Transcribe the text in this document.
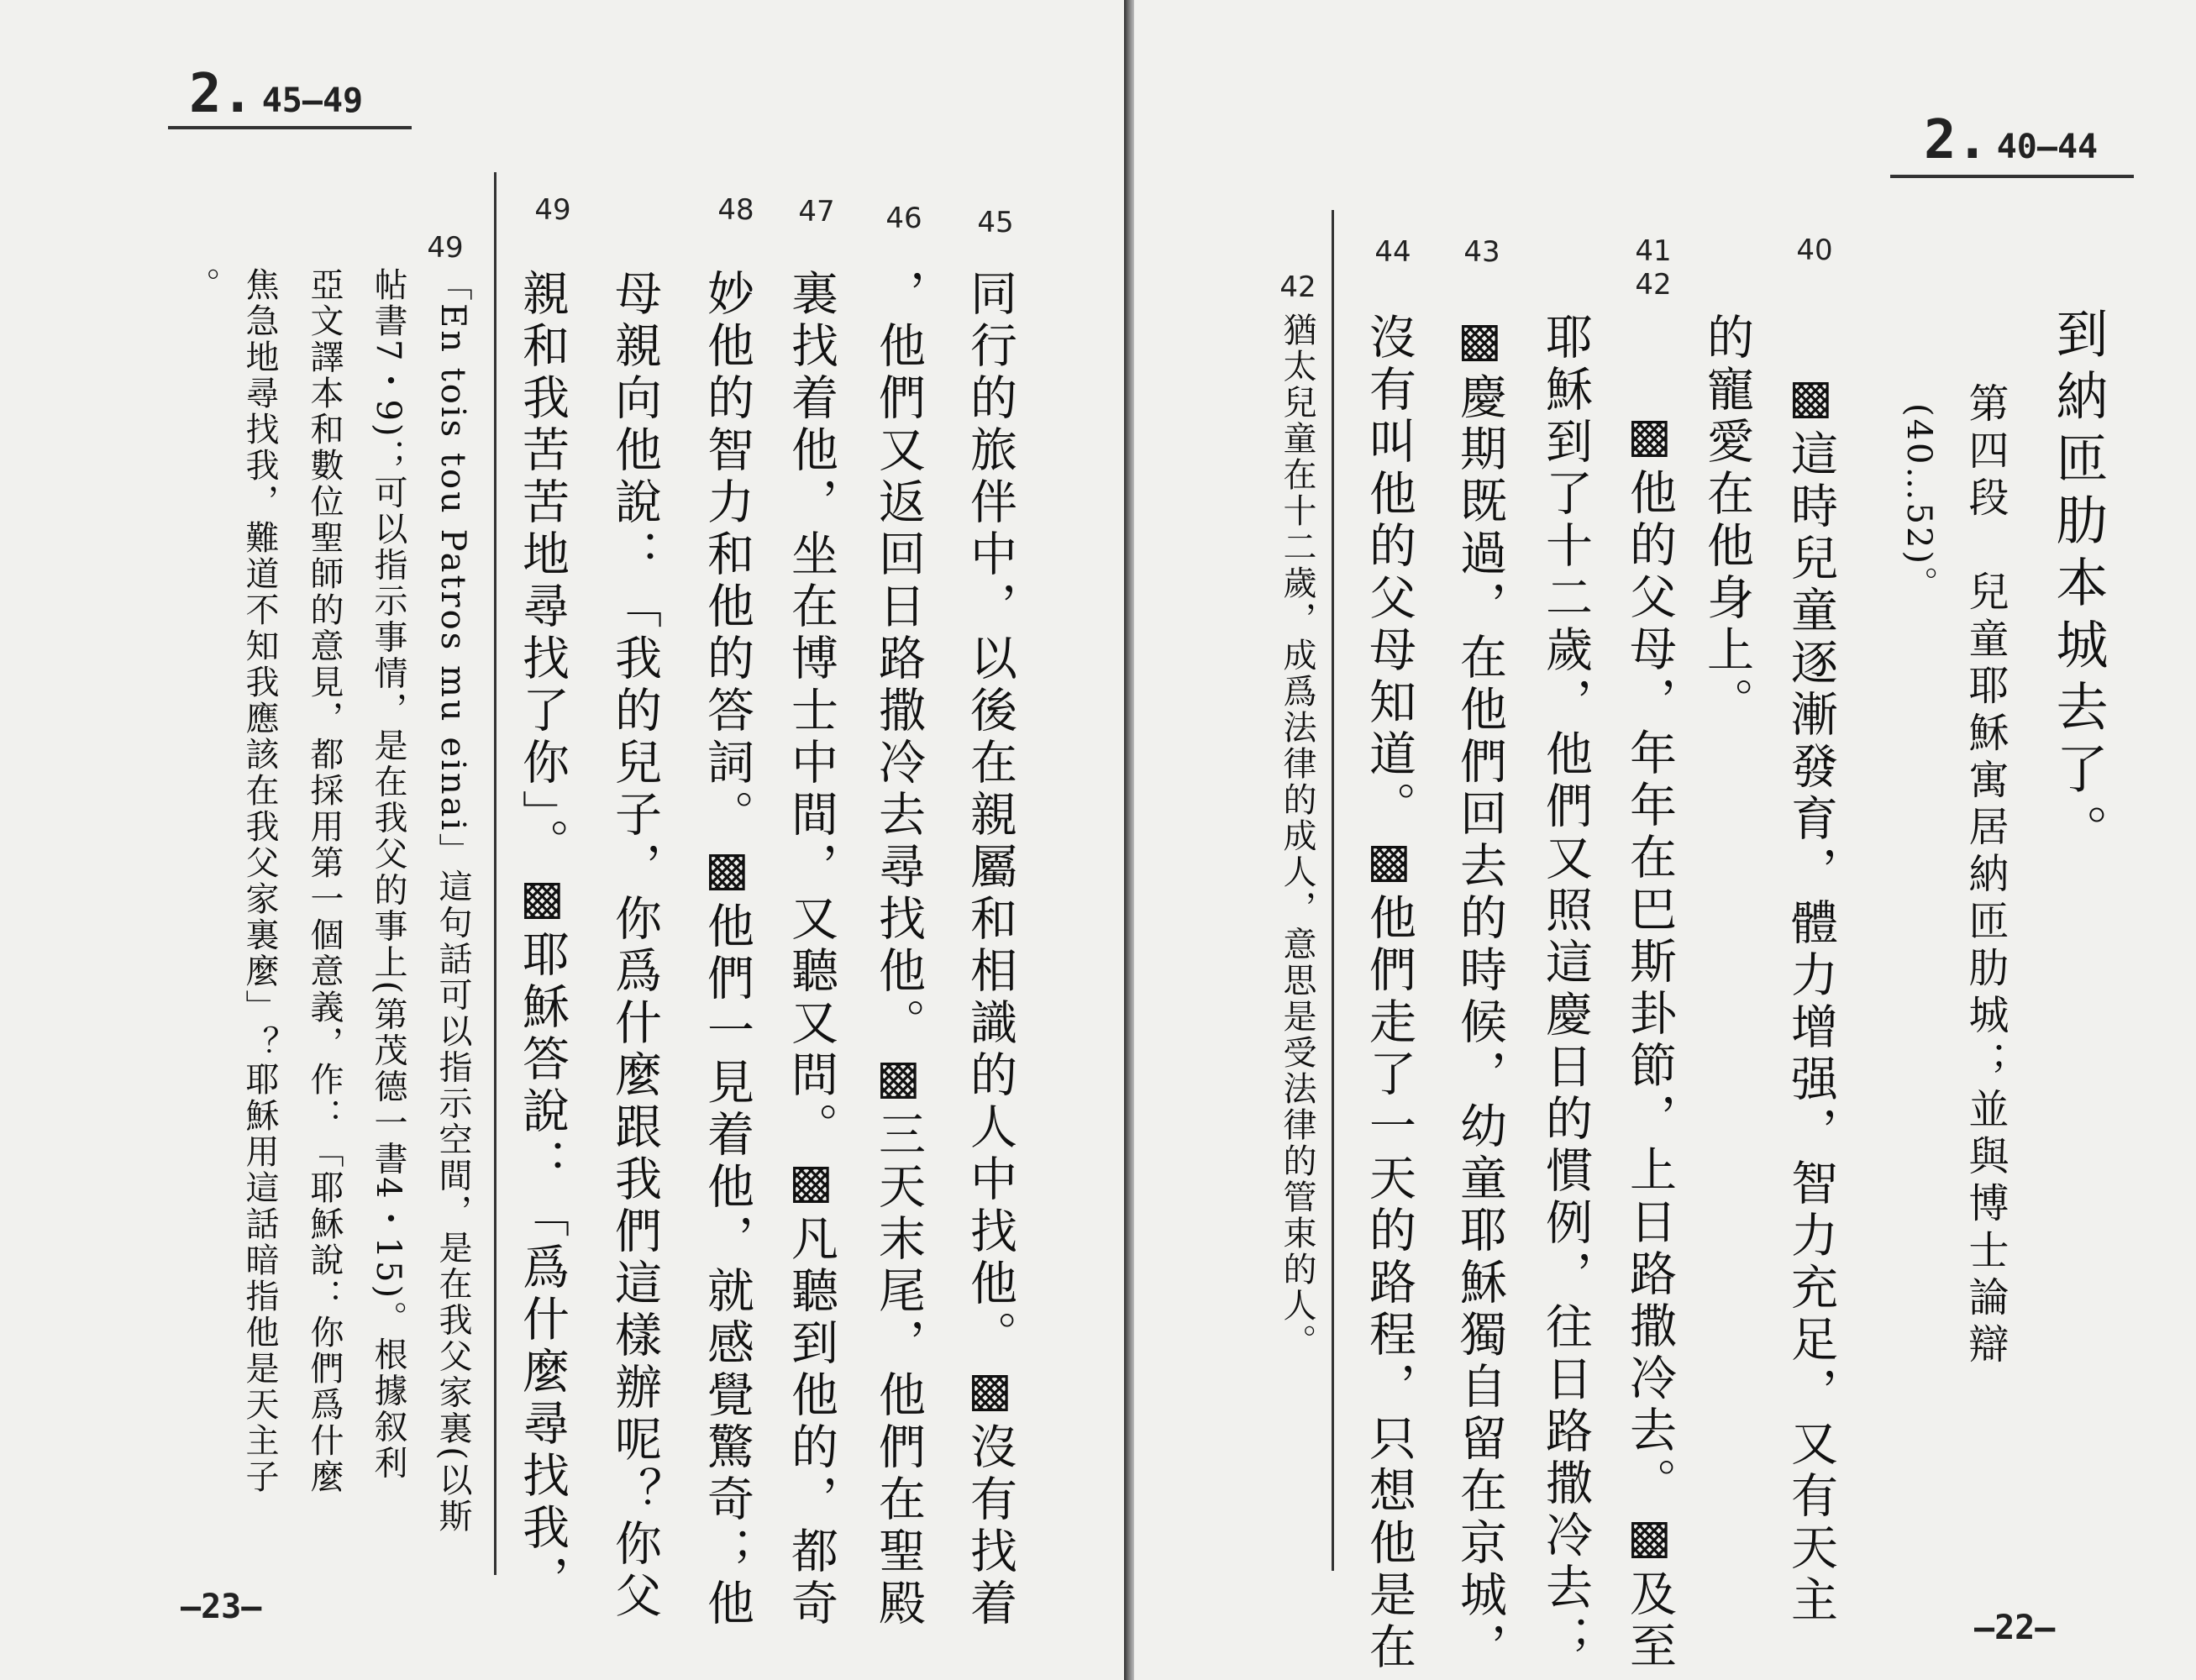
2. 45—49
49	48	47	46	45
同行的旅伴中，以後在親屬和相識的人中找他。▩沒有找着
，他們又返回日路撒冷去尋找他。▩三天末尾，他們在聖殿
裏找着他，坐在博士中間，又聽又問。▩凡聽到他的，都奇
妙他的智力和他的答詞。▩他們一見着他，就感覺驚奇；他
母親向他說：「我的兒子，你爲什麼跟我們這樣辦呢？你父
親和我苦苦地尋找了你」。▩耶穌答說：「爲什麼尋找我，
49
「En tois tou Patros mu einai」這句話可以指示空間，是在我父家裏(以斯
帖書7・9)；可以指示事情，是在我父的事上(第茂德一書4・15)。根據叙利
亞文譯本和數位聖師的意見，都採用第一個意義，作：「耶穌說：你們爲什麼
焦急地尋找我，難道不知我應該在我父家裏麼」？耶穌用這話暗指他是天主子
。
—23—
2. 40—44
到納匝肋本城去了。
第四段　兒童耶穌寓居納匝肋城；並與博士論辯
(40…52)。
44	43	41
42
40
▩這時兒童逐漸發育，體力增强，智力充足，又有天主
的寵愛在他身上。
▩他的父母，年年在巴斯卦節，上日路撒冷去。▩及至
耶穌到了十二歲，他們又照這慶日的慣例，往日路撒冷去；
▩慶期既過，在他們回去的時候，幼童耶穌獨自留在京城，
沒有叫他的父母知道。▩他們走了一天的路程，只想他是在
42
猶太兒童在十二歲，成爲法律的成人，意思是受法律的管束的人。
—22—
